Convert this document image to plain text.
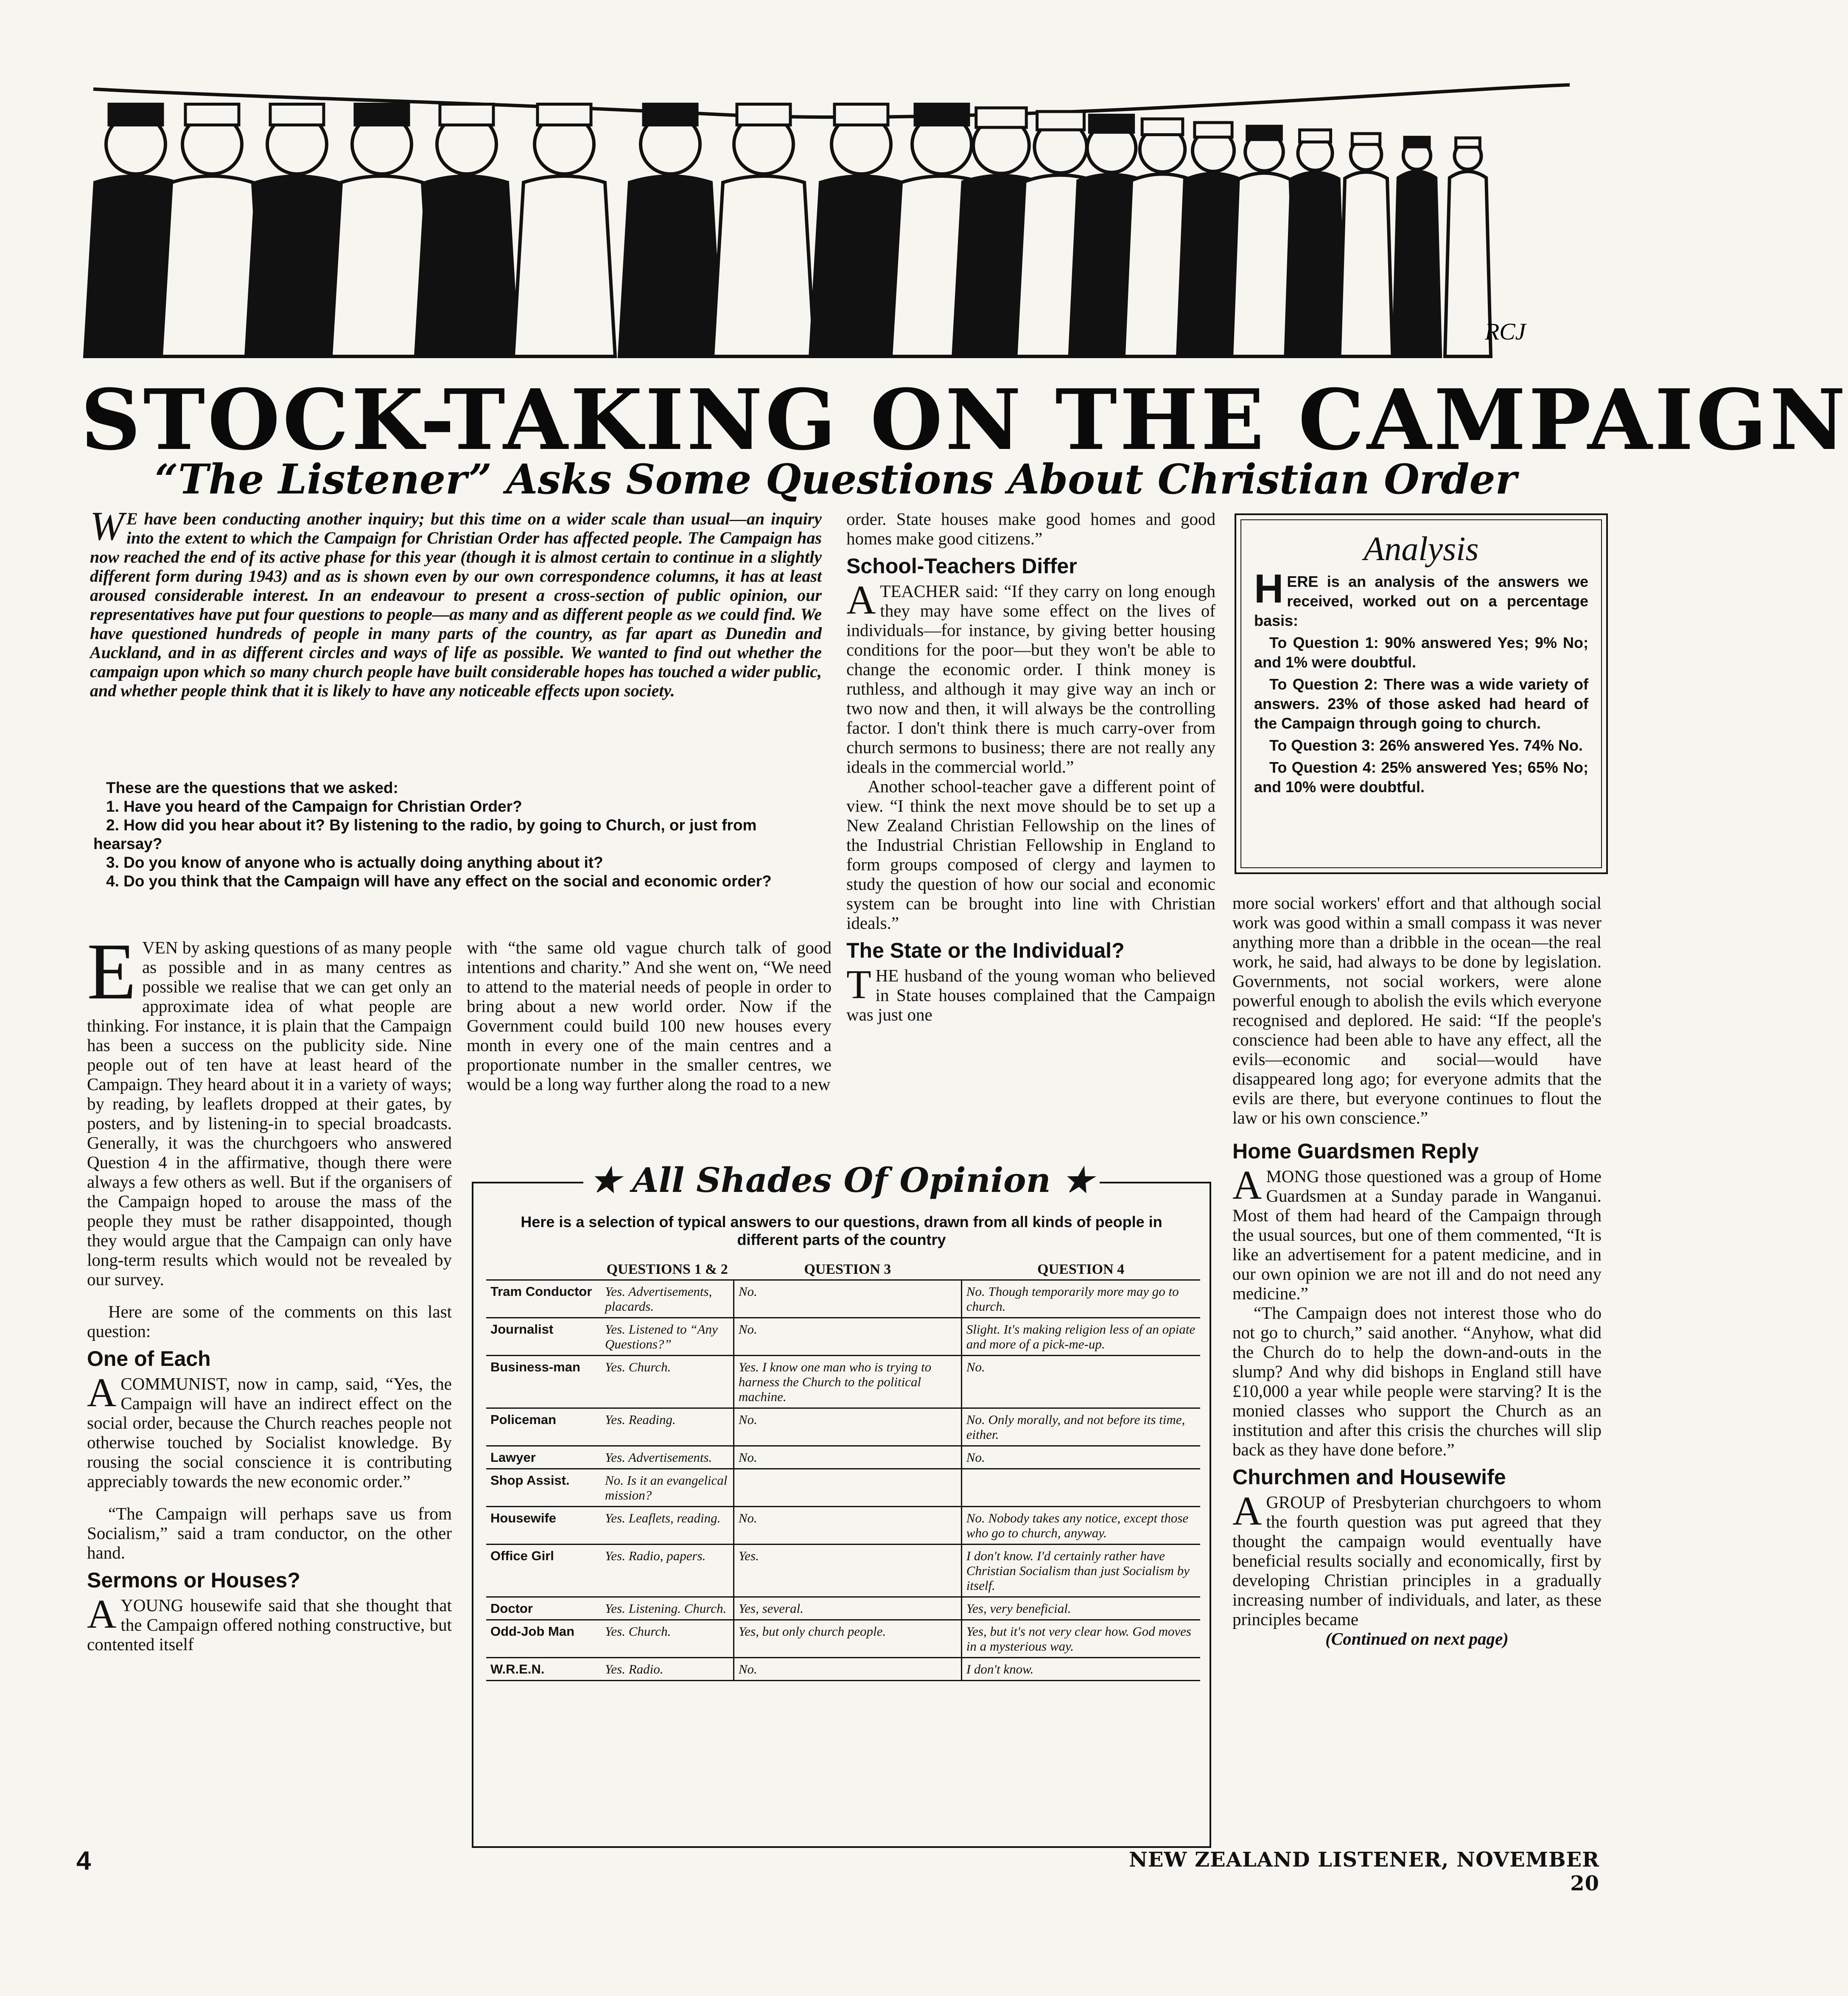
RCJ
STOCK-TAKING ON THE CAMPAIGN
“The Listener” Asks Some Questions About Christian Order
W E have been conducting another inquiry; but this time on a wider scale than usual—an inquiry into the extent to which the Campaign for Christian Order has affected people. The Campaign has now reached the end of its active phase for this year (though it is almost certain to continue in a slightly different form during 1943) and as is shown even by our own correspondence columns, it has at least aroused considerable interest. In an endeavour to present a cross-section of public opinion, our representatives have put four questions to people—as many and as different people as we could find. We have questioned hundreds of people in many parts of the country, as far apart as Dunedin and Auckland, and in as different circles and ways of life as possible. We wanted to find out whether the campaign upon which so many church people have built considerable hopes has touched a wider public, and whether people think that it is likely to have any noticeable effects upon society.
These are the questions that we asked:
1. Have you heard of the Campaign for Christian Order?
2. How did you hear about it? By listening to the radio, by going to Church, or just from hearsay?
3. Do you know of anyone who is actually doing anything about it?
4. Do you think that the Campaign will have any effect on the social and economic order?

EVEN by asking questions of as many people as possible and in as many centres as possible we realise that we can get only an approximate idea of what people are thinking. For instance, it is plain that the Campaign has been a success on the publicity side. Nine people out of ten have at least heard of the Campaign. They heard about it in a variety of ways; by reading, by leaflets dropped at their gates, by posters, and by listening-in to special broadcasts. Generally, it was the churchgoers who answered Question 4 in the affirmative, though there were always a few others as well. But if the organisers of the Campaign hoped to arouse the mass of the people they must be rather disappointed, though they would argue that the Campaign can only have long-term results which would not be revealed by our survey.

Here are some of the comments on this last question:

One of Each

A COMMUNIST, now in camp, said, “Yes, the Campaign will have an indirect effect on the social order, because the Church reaches people not otherwise touched by Socialist knowledge. By rousing the social conscience it is contributing appreciably towards the new economic order.”

“The Campaign will perhaps save us from Socialism,” said a tram conductor, on the other hand.

Sermons or Houses?

A YOUNG housewife said that she thought that the Campaign offered nothing constructive, but contented itself

with “the same old vague church talk of good intentions and charity.” And she went on, “We need to attend to the material needs of people in order to bring about a new world order. Now if the Government could build 100 new houses every month in every one of the main centres and a proportionate number in the smaller centres, we would be a long way further along the road to a new

order. State houses make good homes and good homes make good citizens.”

School-Teachers Differ

A TEACHER said: “If they carry on long enough they may have some effect on the lives of individuals—for instance, by giving better housing conditions for the poor—but they won't be able to change the economic order. I think money is ruthless, and although it may give way an inch or two now and then, it will always be the controlling factor. I don't think there is much carry-over from church sermons to business; there are not really any ideals in the commercial world.”

Another school-teacher gave a different point of view. “I think the next move should be to set up a New Zealand Christian Fellowship on the lines of the Industrial Christian Fellowship in England to form groups composed of clergy and laymen to study the question of how our social and economic system can be brought into line with Christian ideals.”

The State or the Individual?

THE husband of the young woman who believed in State houses complained that the Campaign was just one

Analysis
HERE is an analysis of the answers we received, worked out on a percentage basis:
To Question 1: 90% answered Yes; 9% No; and 1% were doubtful.
To Question 2: There was a wide variety of answers. 23% of those asked had heard of the Campaign through going to church.
To Question 3: 26% answered Yes. 74% No.
To Question 4: 25% answered Yes; 65% No; and 10% were doubtful.

more social workers' effort and that although social work was good within a small compass it was never anything more than a dribble in the ocean—the real work, he said, had always to be done by legislation. Governments, not social workers, were alone powerful enough to abolish the evils which everyone recognised and deplored. He said: “If the people's conscience had been able to have any effect, all the evils—economic and social—would have disappeared long ago; for everyone admits that the evils are there, but everyone continues to flout the law or his own conscience.”

Home Guardsmen Reply

AMONG those questioned was a group of Home Guardsmen at a Sunday parade in Wanganui. Most of them had heard of the Campaign through the usual sources, but one of them commented, “It is like an advertisement for a patent medicine, and in our own opinion we are not ill and do not need any medicine.”

“The Campaign does not interest those who do not go to church,” said another. “Anyhow, what did the Church do to help the down-and-outs in the slump? And why did bishops in England still have £10,000 a year while people were starving? It is the monied classes who support the Church as an institution and after this crisis the churches will slip back as they have done before.”

Churchmen and Housewife

A GROUP of Presbyterian churchgoers to whom the fourth question was put agreed that they thought the campaign would eventually have beneficial results socially and economically, first by developing Christian principles in a gradually increasing number of individuals, and later, as these principles became

(Continued on next page)

★ All Shades Of Opinion ★
Here is a selection of typical answers to our questions, drawn from all kinds of people in different parts of the country
	QUESTIONS 1 & 2	QUESTION 3	QUESTION 4
Tram Conductor	Yes. Advertisements, placards.	No.	No. Though temporarily more may go to church.
Journalist	Yes. Listened to “Any Questions?”	No.	Slight. It's making religion less of an opiate and more of a pick-me-up.
Business-man	Yes. Church.	Yes. I know one man who is trying to harness the Church to the political machine.	No.
Policeman	Yes. Reading.	No.	No. Only morally, and not before its time, either.
Lawyer	Yes. Advertisements.	No.	No.
Shop Assist.	No. Is it an evangelical mission?		
Housewife	Yes. Leaflets, reading.	No.	No. Nobody takes any notice, except those who go to church, anyway.
Office Girl	Yes. Radio, papers.	Yes.	I don't know. I'd certainly rather have Christian Socialism than just Socialism by itself.
Doctor	Yes. Listening. Church.	Yes, several.	Yes, very beneficial.
Odd-Job Man	Yes. Church.	Yes, but only church people.	Yes, but it's not very clear how. God moves in a mysterious way.
W.R.E.N.	Yes. Radio.	No.	I don't know.
4	NEW ZEALAND LISTENER, NOVEMBER 20
